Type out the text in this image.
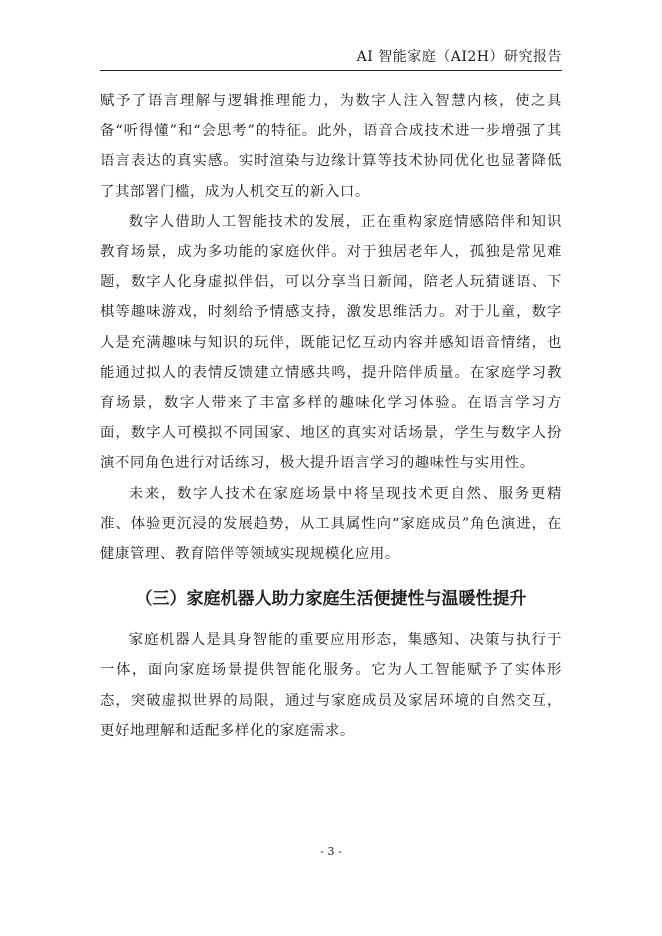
AI 智能家庭（AI2H）研究报告

赋予了语言理解与逻辑推理能力，为数字人注入智慧内核，使之具备“听得懂”和“会思考”的特征。此外，语音合成技术进一步增强了其语言表达的真实感。实时渲染与边缘计算等技术协同优化也显著降低了其部署门槛，成为人机交互的新入口。

数字人借助人工智能技术的发展，正在重构家庭情感陪伴和知识教育场景，成为多功能的家庭伙伴。对于独居老年人，孤独是常见难题，数字人化身虚拟伴侣，可以分享当日新闻，陪老人玩猜谜语、下棋等趣味游戏，时刻给予情感支持，激发思维活力。对于儿童，数字人是充满趣味与知识的玩伴，既能记忆互动内容并感知语音情绪，也能通过拟人的表情反馈建立情感共鸣，提升陪伴质量。在家庭学习教育场景，数字人带来了丰富多样的趣味化学习体验。在语言学习方面，数字人可模拟不同国家、地区的真实对话场景，学生与数字人扮演不同角色进行对话练习，极大提升语言学习的趣味性与实用性。

未来，数字人技术在家庭场景中将呈现技术更自然、服务更精准、体验更沉浸的发展趋势，从工具属性向“家庭成员”角色演进，在健康管理、教育陪伴等领域实现规模化应用。

（三）家庭机器人助力家庭生活便捷性与温暖性提升

家庭机器人是具身智能的重要应用形态，集感知、决策与执行于一体，面向家庭场景提供智能化服务。它为人工智能赋予了实体形态，突破虚拟世界的局限，通过与家庭成员及家居环境的自然交互，更好地理解和适配多样化的家庭需求。

- 3 -
